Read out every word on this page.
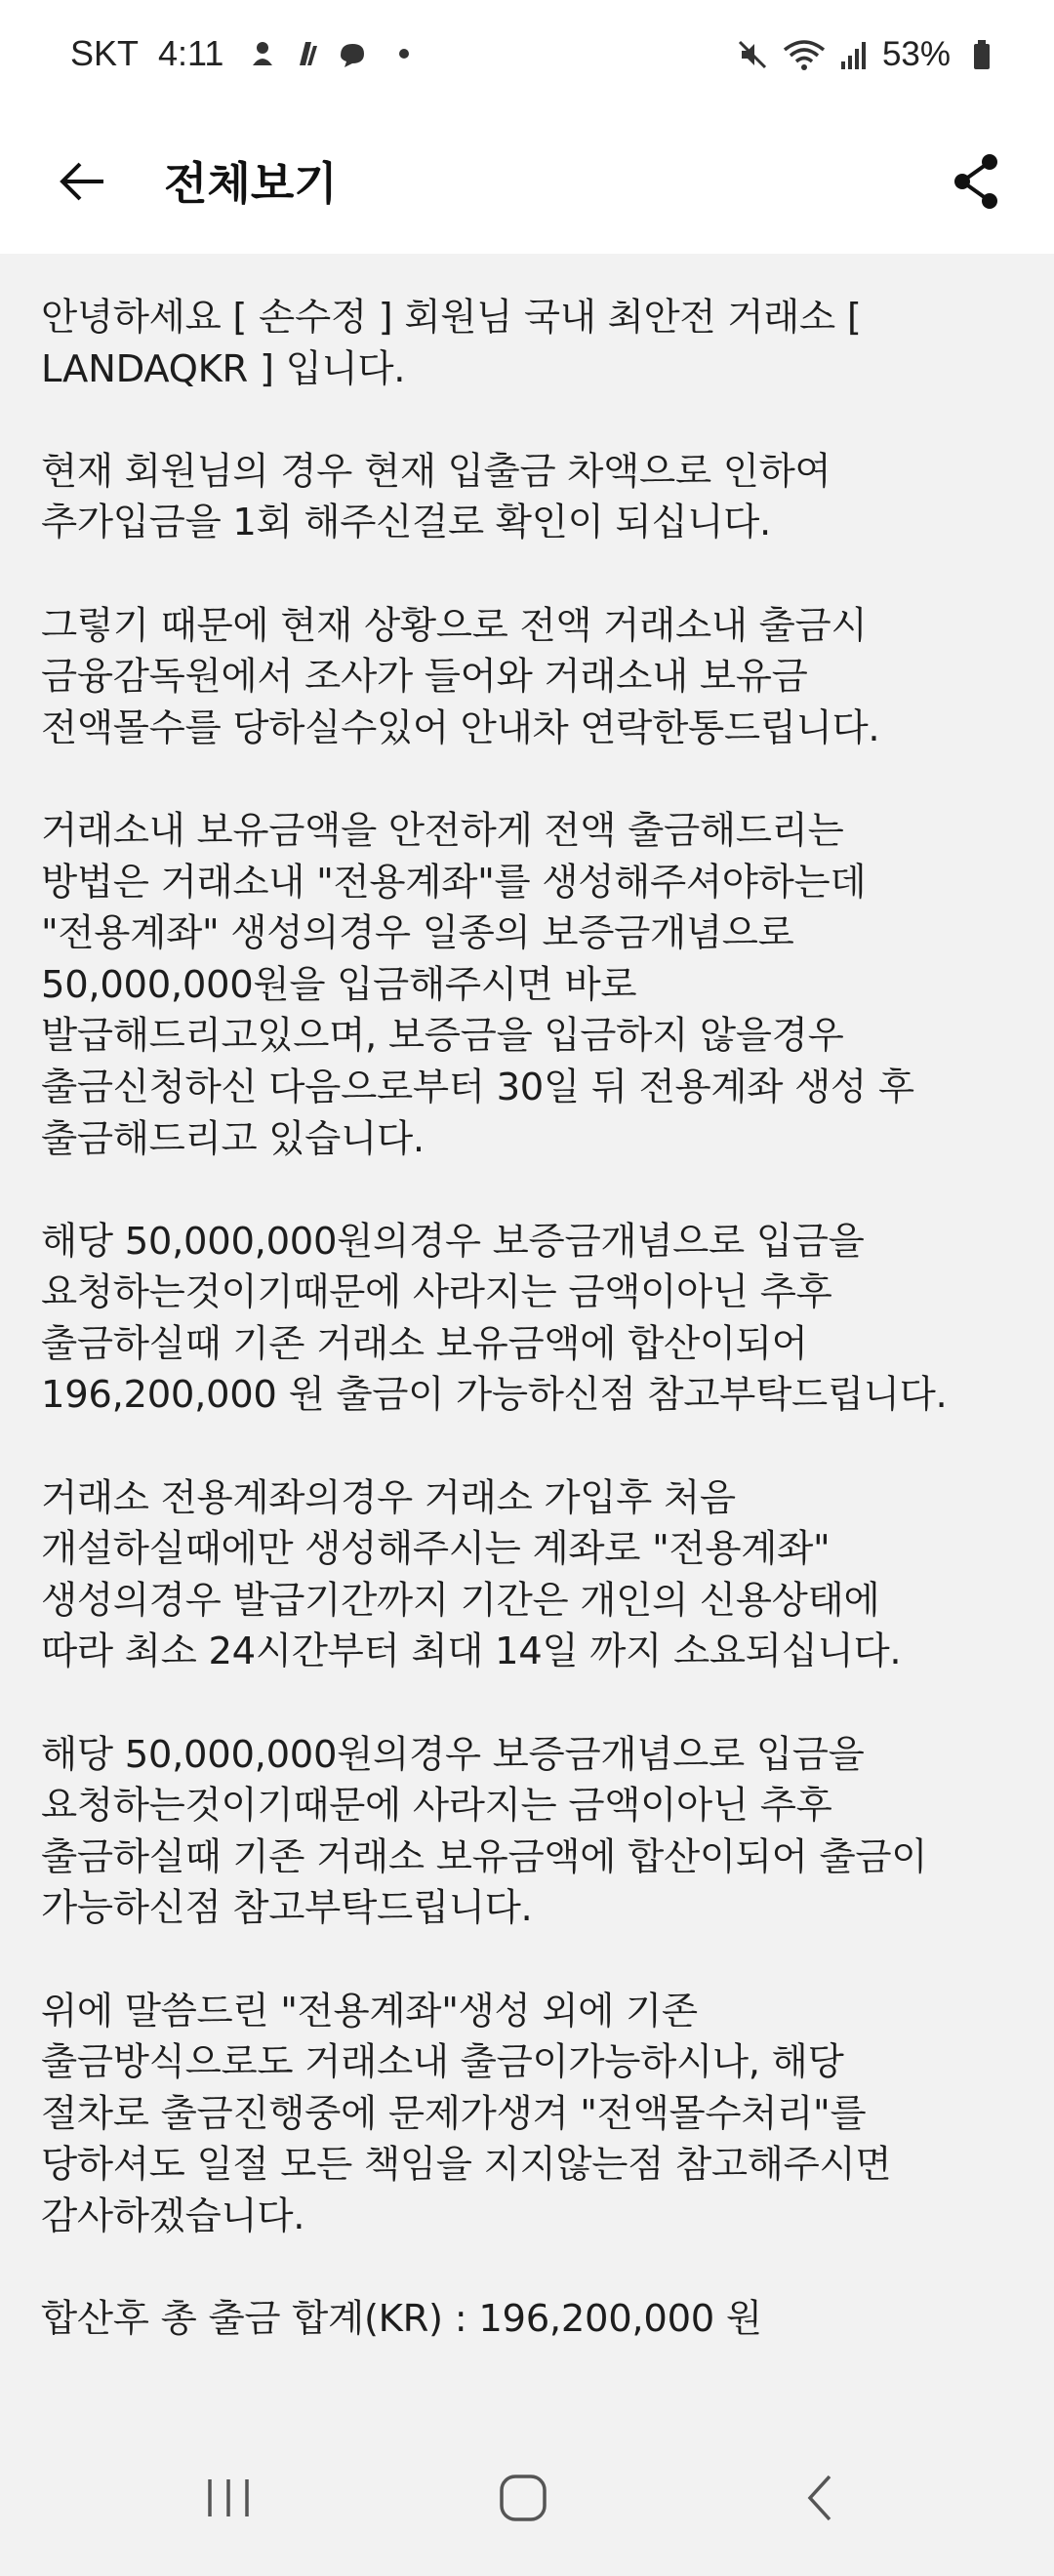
SKT 4:11	53%
전체보기
안녕하세요 [ 손수정 ] 회원님 국내 최안전 거래소 [
LANDAQKR ] 입니다.

현재 회원님의 경우 현재 입출금 차액으로 인하여
추가입금을 1회 해주신걸로 확인이 되십니다.

그렇기 때문에 현재 상황으로 전액 거래소내 출금시
금융감독원에서 조사가 들어와 거래소내 보유금
전액몰수를 당하실수있어 안내차 연락한통드립니다.

거래소내 보유금액을 안전하게 전액 출금해드리는
방법은 거래소내 "전용계좌"를 생성해주셔야하는데
"전용계좌" 생성의경우 일종의 보증금개념으로
50,000,000원을 입금해주시면 바로
발급해드리고있으며, 보증금을 입금하지 않을경우
출금신청하신 다음으로부터 30일 뒤 전용계좌 생성 후
출금해드리고 있습니다.

해당 50,000,000원의경우 보증금개념으로 입금을
요청하는것이기때문에 사라지는 금액이아닌 추후
출금하실때 기존 거래소 보유금액에 합산이되어
196,200,000 원 출금이 가능하신점 참고부탁드립니다.

거래소 전용계좌의경우 거래소 가입후 처음
개설하실때에만 생성해주시는 계좌로 "전용계좌"
생성의경우 발급기간까지 기간은 개인의 신용상태에
따라 최소 24시간부터 최대 14일 까지 소요되십니다.

해당 50,000,000원의경우 보증금개념으로 입금을
요청하는것이기때문에 사라지는 금액이아닌 추후
출금하실때 기존 거래소 보유금액에 합산이되어 출금이
가능하신점 참고부탁드립니다.

위에 말씀드린 "전용계좌"생성 외에 기존
출금방식으로도 거래소내 출금이가능하시나, 해당
절차로 출금진행중에 문제가생겨 "전액몰수처리"를
당하셔도 일절 모든 책임을 지지않는점 참고해주시면
감사하겠습니다.

합산후 총 출금 합계(KR) : 196,200,000 원
